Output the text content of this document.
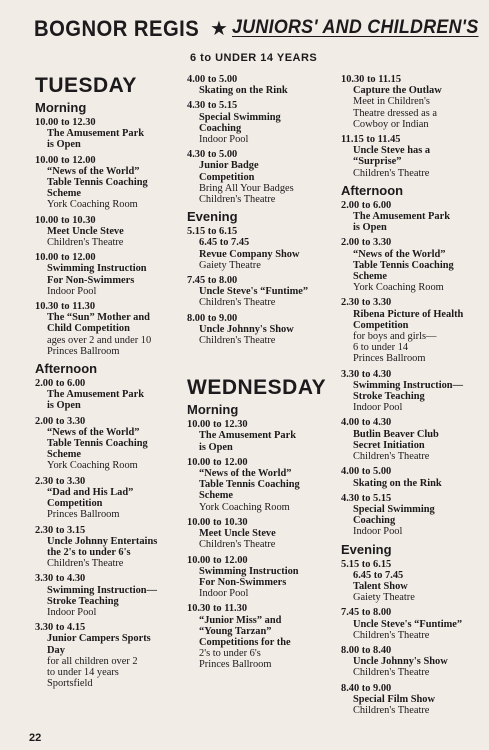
BOGNOR REGIS ★ JUNIORS' AND CHILDREN'S
6 to UNDER 14 YEARS
TUESDAY
Morning
10.00 to 12.30
The Amusement Park
is Open
10.00 to 12.00
“News of the World”
Table Tennis Coaching
Scheme
York Coaching Room
10.00 to 10.30
Meet Uncle Steve
Children's Theatre
10.00 to 12.00
Swimming Instruction
For Non-Swimmers
Indoor Pool
10.30 to 11.30
The “Sun” Mother and
Child Competition
ages over 2 and under 10
Princes Ballroom
Afternoon
2.00 to 6.00
The Amusement Park
is Open
2.00 to 3.30
“News of the World”
Table Tennis Coaching
Scheme
York Coaching Room
2.30 to 3.30
“Dad and His Lad”
Competition
Princes Ballroom
2.30 to 3.15
Uncle Johnny Entertains
the 2's to under 6's
Children's Theatre
3.30 to 4.30
Swimming Instruction—
Stroke Teaching
Indoor Pool
3.30 to 4.15
Junior Campers Sports
Day
for all children over 2
to under 14 years
Sportsfield
4.00 to 5.00
Skating on the Rink
4.30 to 5.15
Special Swimming
Coaching
Indoor Pool
4.30 to 5.00
Junior Badge
Competition
Bring All Your Badges
Children's Theatre
Evening
5.15 to 6.15
6.45 to 7.45
Revue Company Show
Gaiety Theatre
7.45 to 8.00
Uncle Steve's “Funtime”
Children's Theatre
8.00 to 9.00
Uncle Johnny's Show
Children's Theatre
WEDNESDAY
Morning
10.00 to 12.30
The Amusement Park
is Open
10.00 to 12.00
“News of the World”
Table Tennis Coaching
Scheme
York Coaching Room
10.00 to 10.30
Meet Uncle Steve
Children's Theatre
10.00 to 12.00
Swimming Instruction
For Non-Swimmers
Indoor Pool
10.30 to 11.30
“Junior Miss” and
“Young Tarzan”
Competitions for the
2's to under 6's
Princes Ballroom
10.30 to 11.15
Capture the Outlaw
Meet in Children's
Theatre dressed as a
Cowboy or Indian
11.15 to 11.45
Uncle Steve has a
“Surprise”
Children's Theatre
Afternoon
2.00 to 6.00
The Amusement Park
is Open
2.00 to 3.30
“News of the World”
Table Tennis Coaching
Scheme
York Coaching Room
2.30 to 3.30
Ribena Picture of Health
Competition
for boys and girls—
6 to under 14
Princes Ballroom
3.30 to 4.30
Swimming Instruction—
Stroke Teaching
Indoor Pool
4.00 to 4.30
Butlin Beaver Club
Secret Initiation
Children's Theatre
4.00 to 5.00
Skating on the Rink
4.30 to 5.15
Special Swimming
Coaching
Indoor Pool
Evening
5.15 to 6.15
6.45 to 7.45
Talent Show
Gaiety Theatre
7.45 to 8.00
Uncle Steve's “Funtime”
Children's Theatre
8.00 to 8.40
Uncle Johnny's Show
Children's Theatre
8.40 to 9.00
Special Film Show
Children's Theatre
22
